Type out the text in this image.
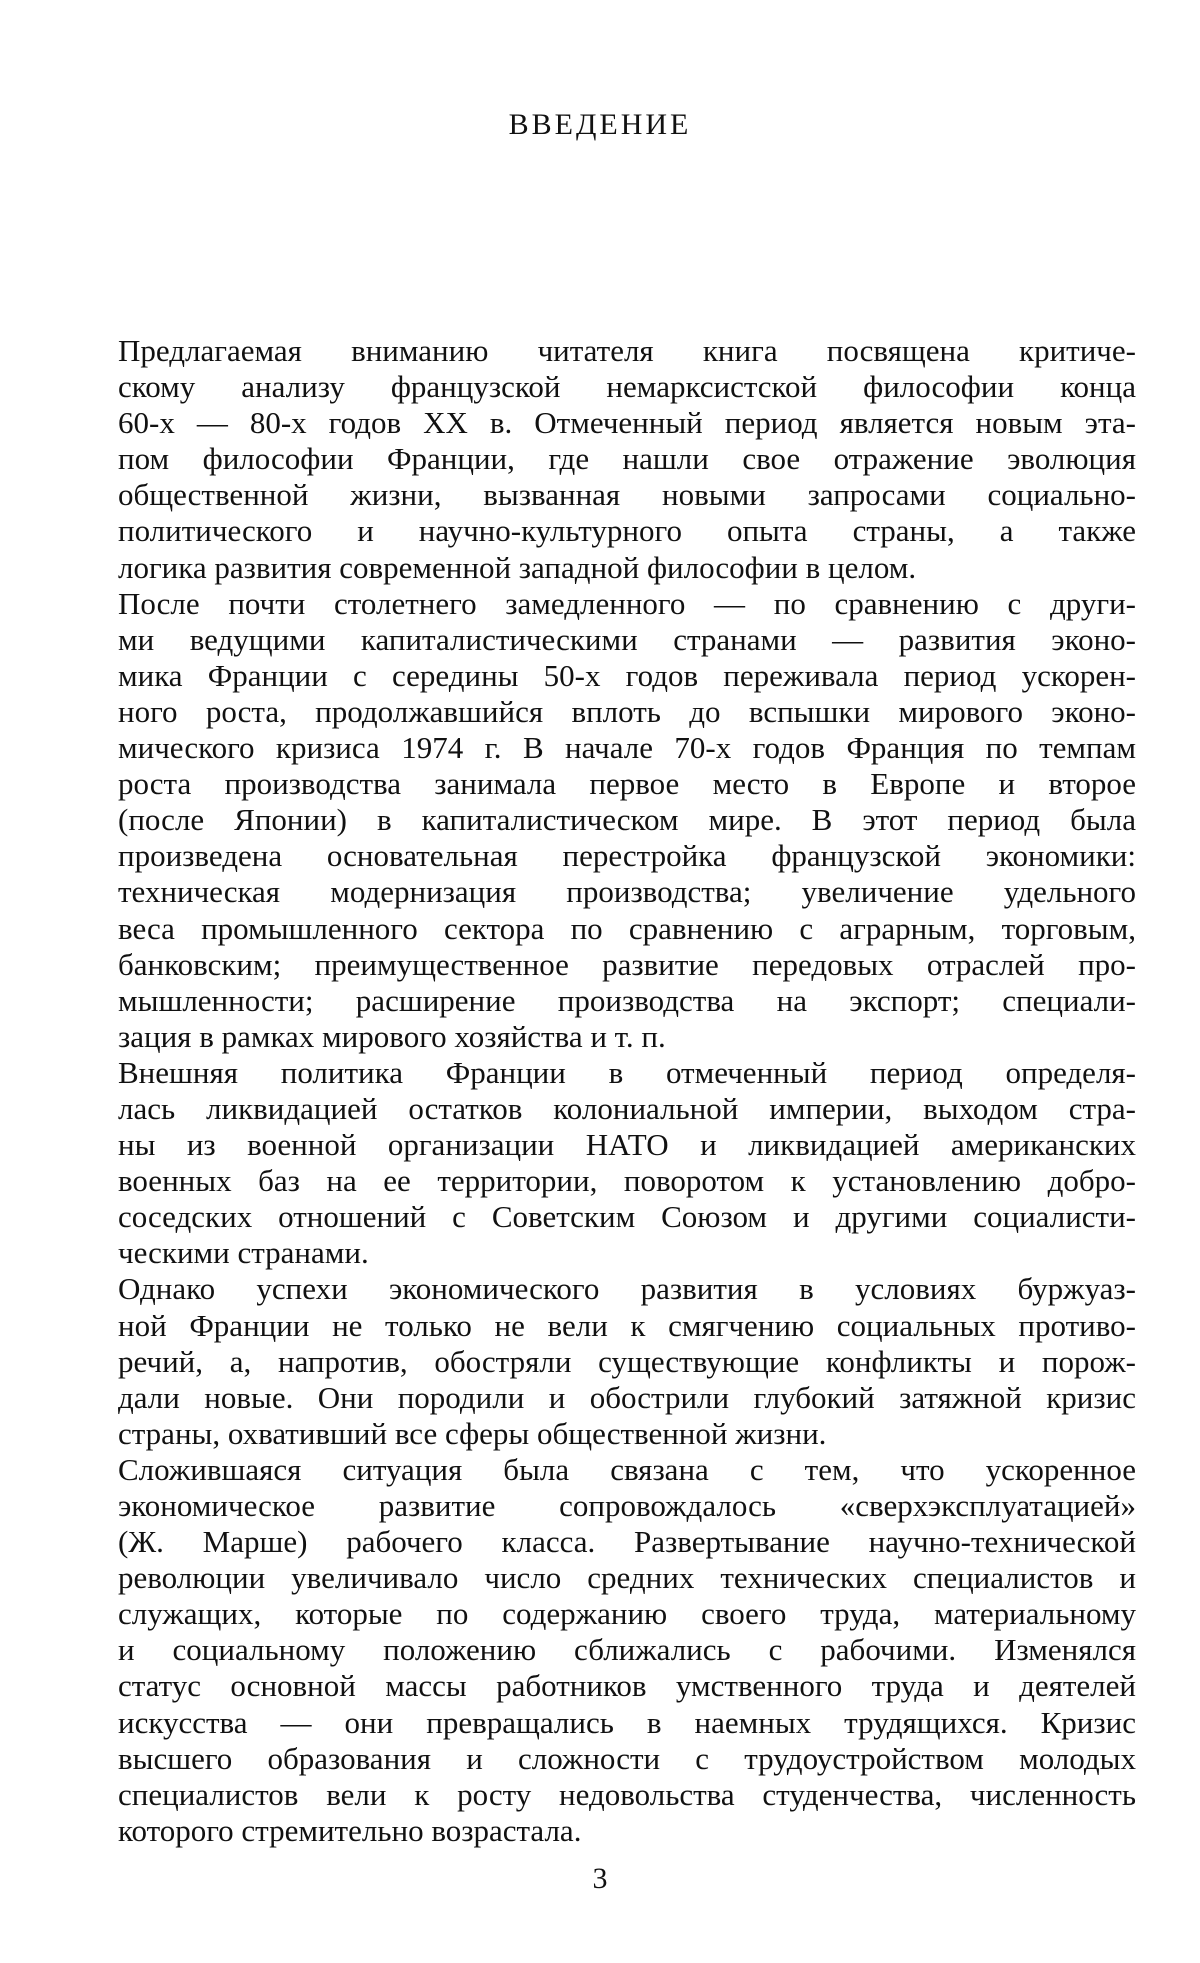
ВВЕДЕНИЕ
Предлагаемая вниманию читателя книга посвящена критиче-
скому анализу французской немарксистской философии конца
60-х — 80-х годов XX в. Отмеченный период является новым эта-
пом философии Франции, где нашли свое отражение эволюция
общественной жизни, вызванная новыми запросами социально-
политического и научно-культурного опыта страны, а также
логика развития современной западной философии в целом.
После почти столетнего замедленного — по сравнению с други-
ми ведущими капиталистическими странами — развития эконо-
мика Франции с середины 50-х годов переживала период ускорен-
ного роста, продолжавшийся вплоть до вспышки мирового эконо-
мического кризиса 1974 г. В начале 70-х годов Франция по темпам
роста производства занимала первое место в Европе и второе
(после Японии) в капиталистическом мире. В этот период была
произведена основательная перестройка французской экономики:
техническая модернизация производства; увеличение удельного
веса промышленного сектора по сравнению с аграрным, торговым,
банковским; преимущественное развитие передовых отраслей про-
мышленности; расширение производства на экспорт; специали-
зация в рамках мирового хозяйства и т. п.
Внешняя политика Франции в отмеченный период определя-
лась ликвидацией остатков колониальной империи, выходом стра-
ны из военной организации НАТО и ликвидацией американских
военных баз на ее территории, поворотом к установлению добро-
соседских отношений с Советским Союзом и другими социалисти-
ческими странами.
Однако успехи экономического развития в условиях буржуаз-
ной Франции не только не вели к смягчению социальных противо-
речий, а, напротив, обостряли существующие конфликты и порож-
дали новые. Они породили и обострили глубокий затяжной кризис
страны, охвативший все сферы общественной жизни.
Сложившаяся ситуация была связана с тем, что ускоренное
экономическое развитие сопровождалось «сверхэксплуатацией»
(Ж. Марше) рабочего класса. Развертывание научно-технической
революции увеличивало число средних технических специалистов и
служащих, которые по содержанию своего труда, материальному
и социальному положению сближались с рабочими. Изменялся
статус основной массы работников умственного труда и деятелей
искусства — они превращались в наемных трудящихся. Кризис
высшего образования и сложности с трудоустройством молодых
специалистов вели к росту недовольства студенчества, численность
которого стремительно возрастала.
3
